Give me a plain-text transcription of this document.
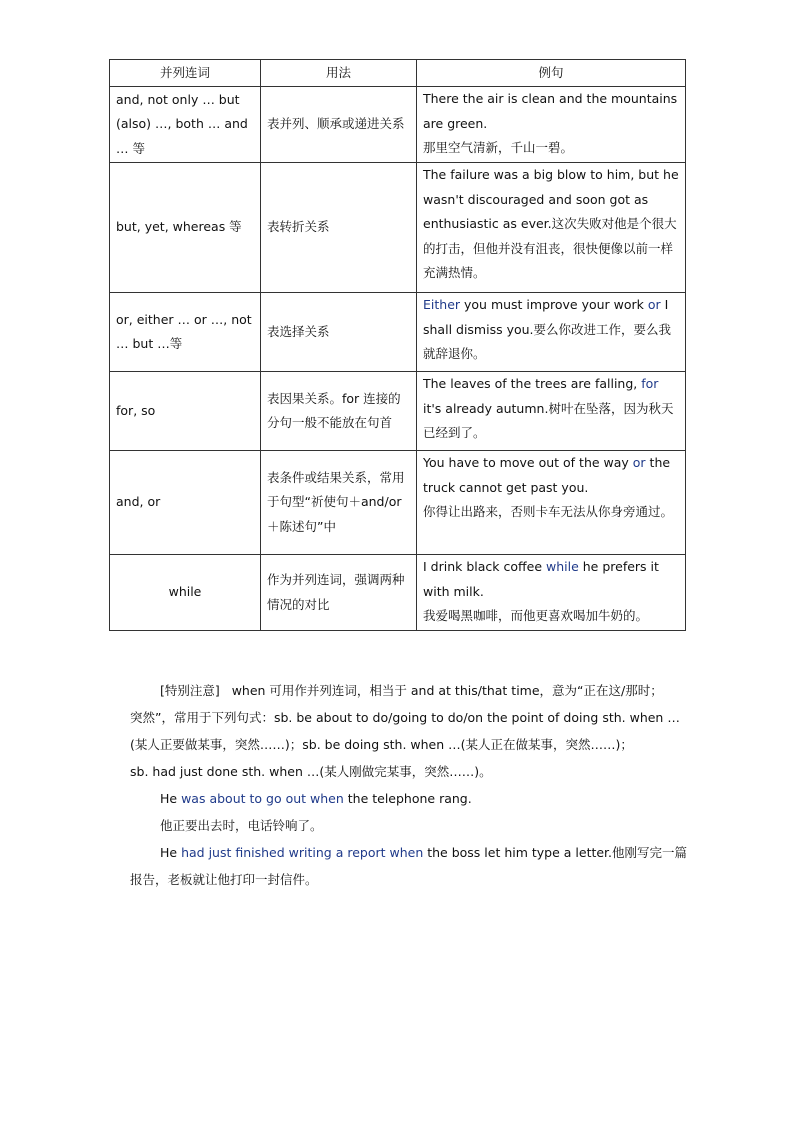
并列连词	用法	例句
and, not only … but (also) …, both … and … 等	表并列、顺承或递进关系	There the air is clean and the mountains are green.
那里空气清新，千山一碧。

but, yet, whereas 等	表转折关系	The failure was a big blow to him, but he wasn't discouraged and soon got as enthusiastic as ever.这次失败对他是个很大的打击，但他并没有沮丧，很快便像以前一样充满热情。
or, either … or …, not … but …等	表选择关系	Either you must improve your work or I shall dismiss you.要么你改进工作，要么我就辞退你。
for, so	表因果关系。for 连接的分句一般不能放在句首	The leaves of the trees are falling, for it's already autumn.树叶在坠落，因为秋天已经到了。
and, or	表条件或结果关系，常用于句型“祈使句＋and/or＋陈述句”中	You have to move out of the way or the truck cannot get past you.
你得让出路来，否则卡车无法从你身旁通过。

while	作为并列连词，强调两种情况的对比	I drink black coffee while he prefers it with milk.
我爱喝黑咖啡，而他更喜欢喝加牛奶的。
[特别注意] when 可用作并列连词，相当于 and at this/that time，意为“正在这/那时；
突然”，常用于下列句式：sb. be about to do/going to do/on the point of doing sth. when …
(某人正要做某事，突然……)；sb. be doing sth. when …(某人正在做某事，突然……)；
sb. had just done sth. when …(某人刚做完某事，突然……)。
He was about to go out when the telephone rang.
他正要出去时，电话铃响了。
He had just finished writing a report when the boss let him type a letter.他刚写完一篇
报告，老板就让他打印一封信件。
